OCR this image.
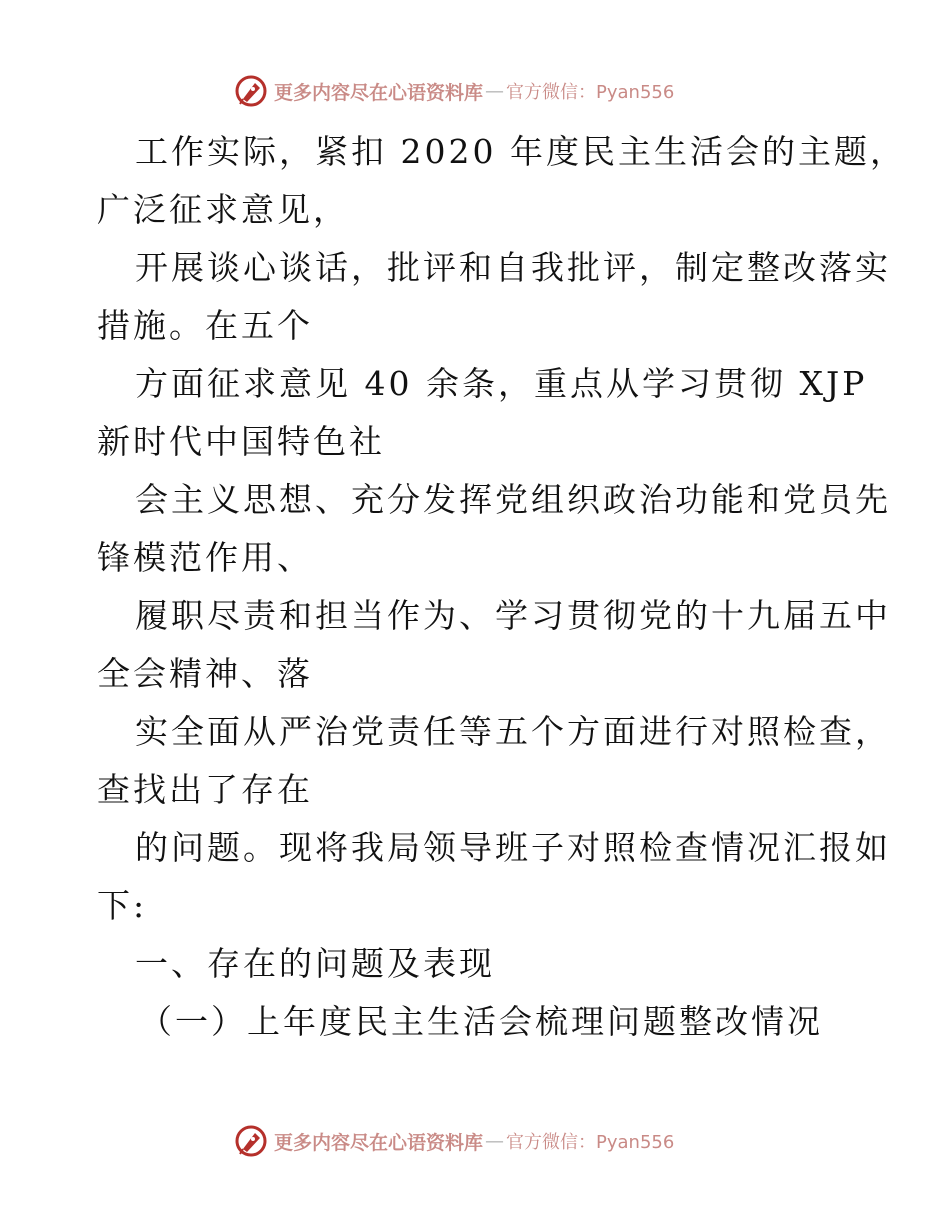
更多内容尽在心语资料库 — 官方微信：Pyan556
工作实际，紧扣 2020 年度民主生活会的主题，
广泛征求意见，
开展谈心谈话，批评和自我批评，制定整改落实
措施。在五个
方面征求意见 40 余条，重点从学习贯彻 XJP
新时代中国特色社
会主义思想、充分发挥党组织政治功能和党员先
锋模范作用、
履职尽责和担当作为、学习贯彻党的十九届五中
全会精神、落
实全面从严治党责任等五个方面进行对照检查，
查找出了存在
的问题。现将我局领导班子对照检查情况汇报如
下:
一、存在的问题及表现
（一）上年度民主生活会梳理问题整改情况
更多内容尽在心语资料库 — 官方微信：Pyan556
